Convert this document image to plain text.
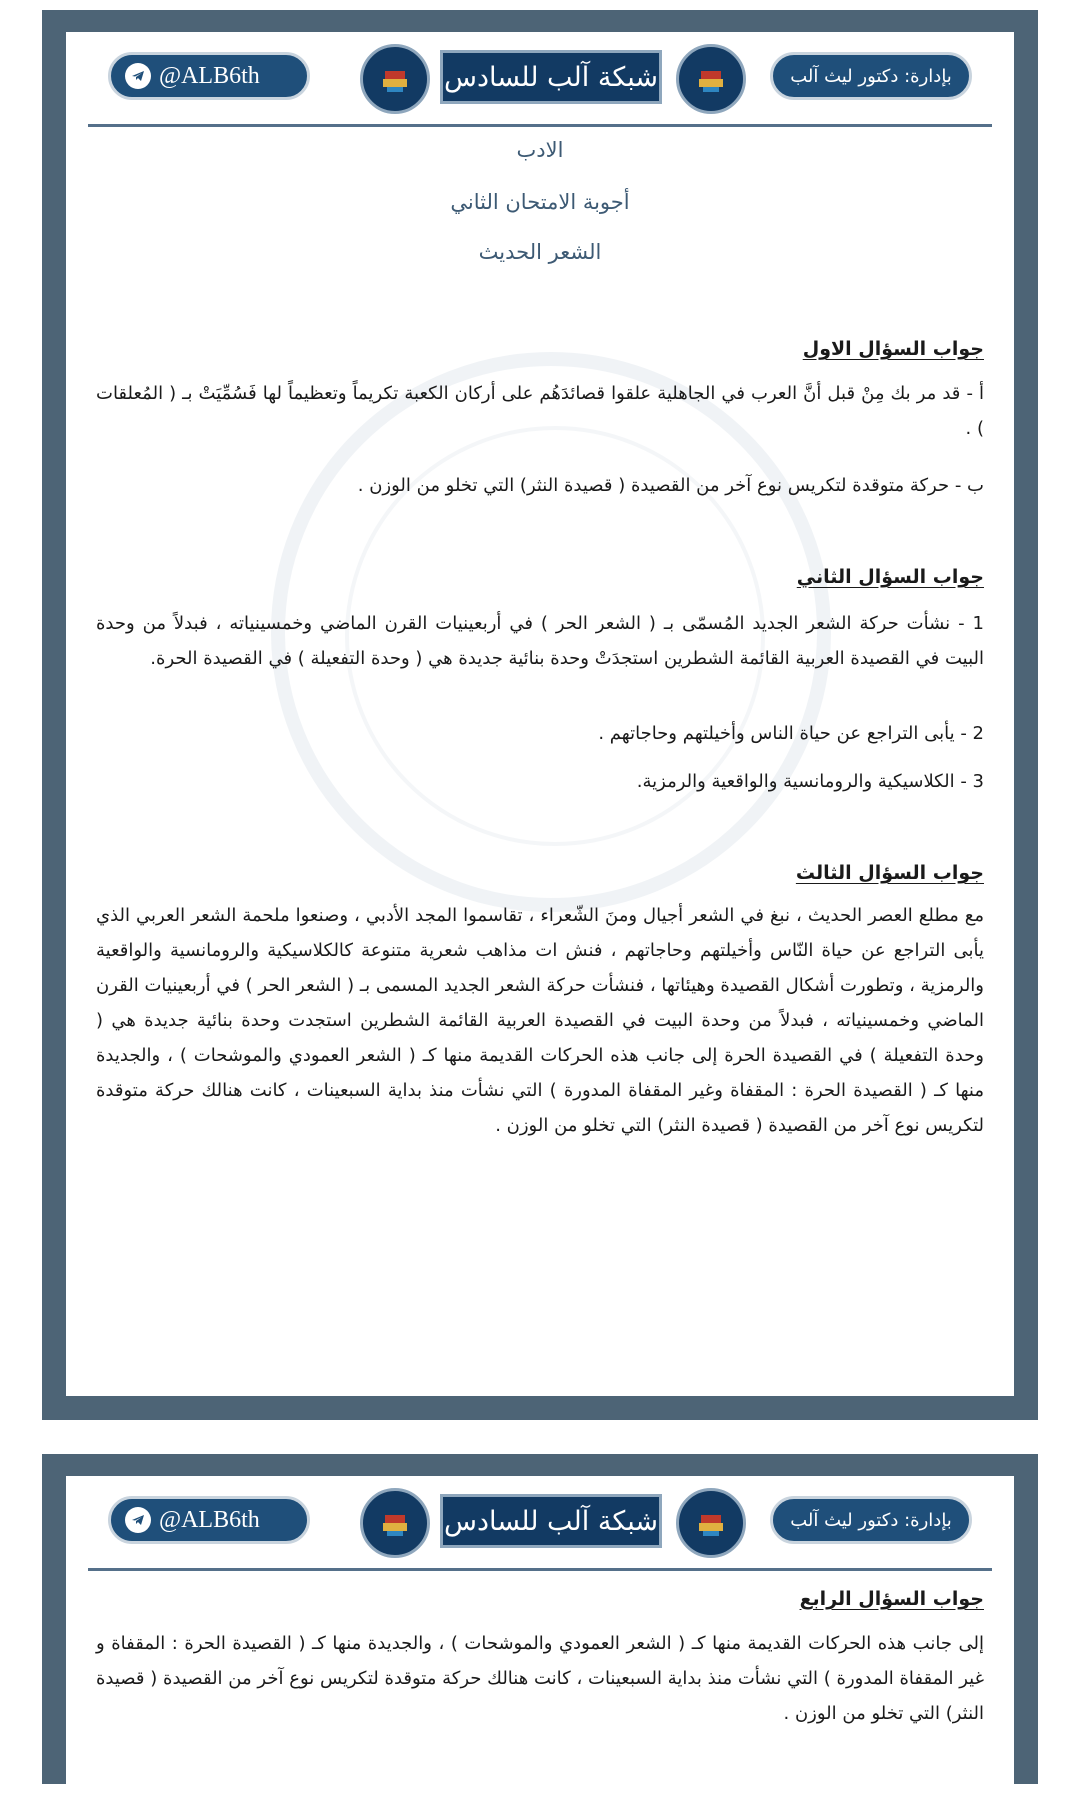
@ALB6th	شبكة آلب للسادس	بإدارة: دكتور ليث آلب
الادب
أجوبة الامتحان الثاني
الشعر الحديث
جواب السؤال الاول
أ - قد مر بك مِنْ قبل أنَّ العرب في الجاهلية علقوا قصائدَهُم على أركان الكعبة تكريماً وتعظيماً لها فَسُمِّيَتْ بـ ( المُعلقات ) .
ب - حركة متوقدة لتكريس نوع آخر من القصيدة ( قصيدة النثر) التي تخلو من الوزن .
جواب السؤال الثاني
1 - نشأت حركة الشعر الجديد المُسمّى بـ ( الشعر الحر ) في أربعينيات القرن الماضي وخمسينياته ، فبدلاً من وحدة البيت في القصيدة العربية القائمة الشطرين استجدَتْ وحدة بنائية جديدة هي ( وحدة التفعيلة ) في القصيدة الحرة.
2 - يأبى التراجع عن حياة الناس وأخيلتهم وحاجاتهم .
3 - الكلاسيكية والرومانسية والواقعية والرمزية.
جواب السؤال الثالث
مع مطلع العصر الحديث ، نبغ في الشعر أجيال ومنَ الشّعراء ، تقاسموا المجد الأدبي ، وصنعوا ملحمة الشعر العربي الذي يأبى التراجع عن حياة النّاس وأخيلتهم وحاجاتهم ، فنش ات مذاهب شعرية متنوعة كالكلاسيكية والرومانسية والواقعية والرمزية ، وتطورت أشكال القصيدة وهيئاتها ، فنشأت حركة الشعر الجديد المسمى بـ ( الشعر الحر ) في أربعينيات القرن الماضي وخمسينياته ، فبدلاً من وحدة البيت في القصيدة العربية القائمة الشطرين استجدت وحدة بنائية جديدة هي ( وحدة التفعيلة ) في القصيدة الحرة إلى جانب هذه الحركات القديمة منها كـ ( الشعر العمودي والموشحات ) ، والجديدة منها كـ ( القصيدة الحرة : المقفاة وغير المقفاة المدورة ) التي نشأت منذ بداية السبعينات ، كانت هنالك حركة متوقدة لتكريس نوع آخر من القصيدة ( قصيدة النثر) التي تخلو من الوزن .
@ALB6th	شبكة آلب للسادس	بإدارة: دكتور ليث آلب
جواب السؤال الرابع
إلى جانب هذه الحركات القديمة منها كـ ( الشعر العمودي والموشحات ) ، والجديدة منها كـ ( القصيدة الحرة : المقفاة و غير المقفاة المدورة ) التي نشأت منذ بداية السبعينات ، كانت هنالك حركة متوقدة لتكريس نوع آخر من القصيدة ( قصيدة النثر) التي تخلو من الوزن .
